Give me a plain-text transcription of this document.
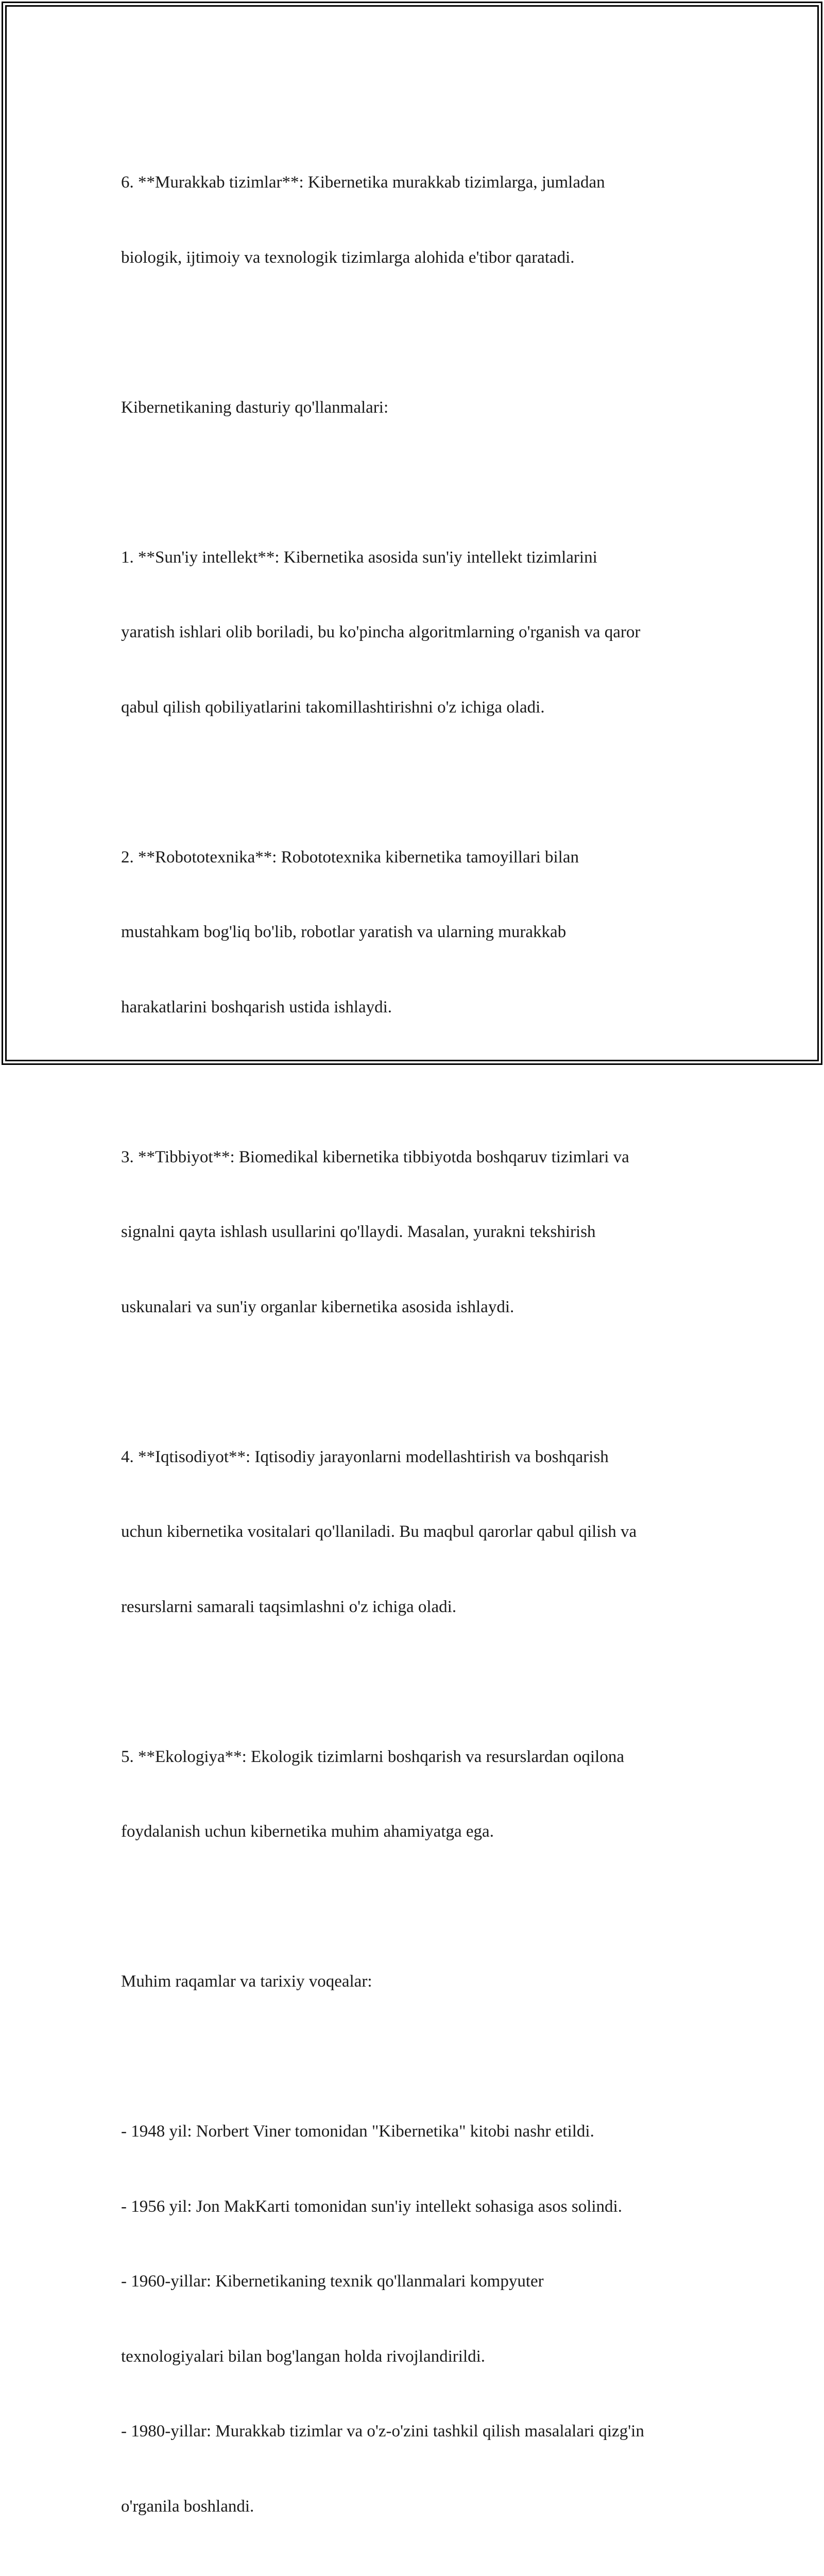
6. **Murakkab tizimlar**: Kibernetika murakkab tizimlarga, jumladan

biologik, ijtimoiy va texnologik tizimlarga alohida e'tibor qaratadi.

Kibernetikaning dasturiy qo'llanmalari:

1. **Sun'iy intellekt**: Kibernetika asosida sun'iy intellekt tizimlarini

yaratish ishlari olib boriladi, bu ko'pincha algoritmlarning o'rganish va qaror

qabul qilish qobiliyatlarini takomillashtirishni o'z ichiga oladi.

2. **Robototexnika**: Robototexnika kibernetika tamoyillari bilan

mustahkam bog'liq bo'lib, robotlar yaratish va ularning murakkab

harakatlarini boshqarish ustida ishlaydi.

3. **Tibbiyot**: Biomedikal kibernetika tibbiyotda boshqaruv tizimlari va

signalni qayta ishlash usullarini qo'llaydi. Masalan, yurakni tekshirish

uskunalari va sun'iy organlar kibernetika asosida ishlaydi.

4. **Iqtisodiyot**: Iqtisodiy jarayonlarni modellashtirish va boshqarish

uchun kibernetika vositalari qo'llaniladi. Bu maqbul qarorlar qabul qilish va

resurslarni samarali taqsimlashni o'z ichiga oladi.

5. **Ekologiya**: Ekologik tizimlarni boshqarish va resurslardan oqilona

foydalanish uchun kibernetika muhim ahamiyatga ega.

Muhim raqamlar va tarixiy voqealar:

- 1948 yil: Norbert Viner tomonidan "Kibernetika" kitobi nashr etildi.

- 1956 yil: Jon MakKarti tomonidan sun'iy intellekt sohasiga asos solindi.

- 1960-yillar: Kibernetikaning texnik qo'llanmalari kompyuter

texnologiyalari bilan bog'langan holda rivojlandirildi.

- 1980-yillar: Murakkab tizimlar va o'z-o'zini tashkil qilish masalalari qizg'in

o'rganila boshlandi.
